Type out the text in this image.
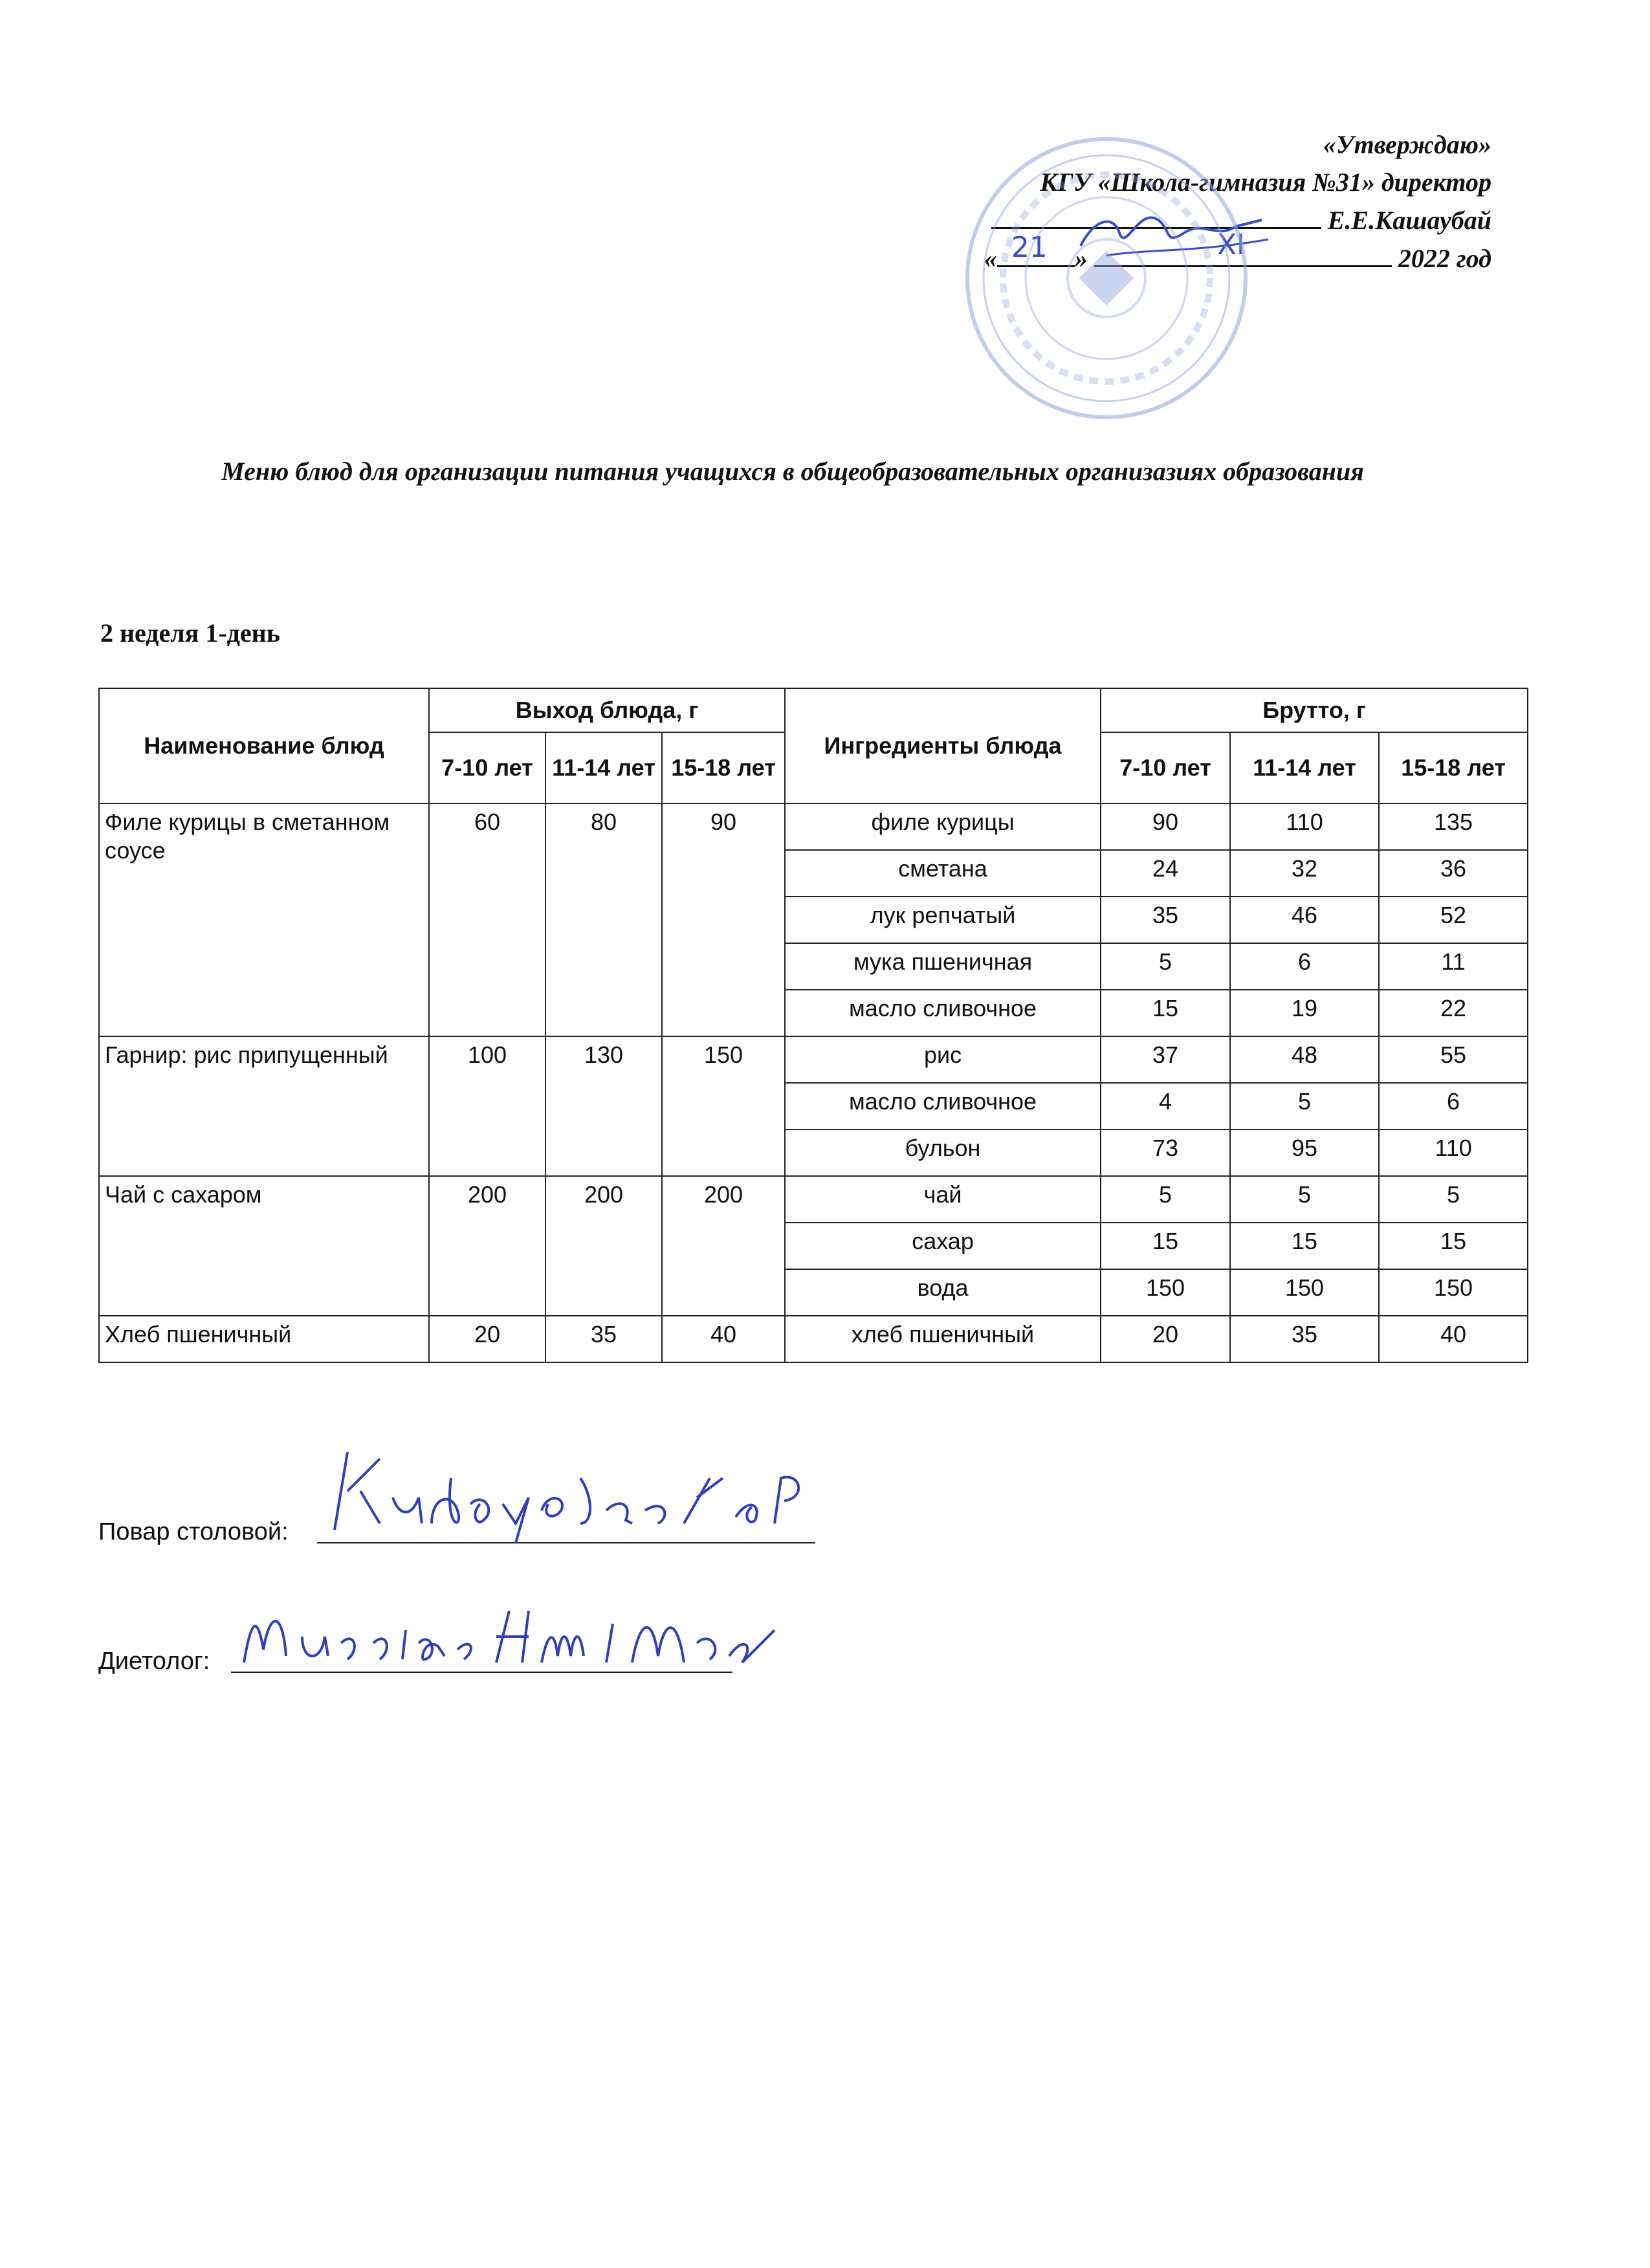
«Утверждаю»
КГУ «Школа-гимназия №31» директор
Е.Е.Кашаубай
« 21 »	XI	2022 год
Меню блюд для организации питания учащихся в общеобразовательных организазиях образования
2 неделя 1-день
Наименование блюд	Выход блюда, г			Ингредиенты блюда	Брутто, г		
	7-10 лет	11-14 лет	15-18 лет		7-10 лет	11-14 лет	15-18 лет
Филе курицы в сметанном соусе	60	80	90	филе курицы	90	110	135
				сметана	24	32	36
				лук репчатый	35	46	52
				мука пшеничная	5	6	11
				масло сливочное	15	19	22
Гарнир: рис припущенный	100	130	150	рис	37	48	55
				масло сливочное	4	5	6
				бульон	73	95	110
Чай с сахаром	200	200	200	чай	5	5	5
				сахар	15	15	15
				вода	150	150	150
Хлеб пшеничный	20	35	40	хлеб пшеничный	20	35	40
Повар столовой:
Диетолог:
